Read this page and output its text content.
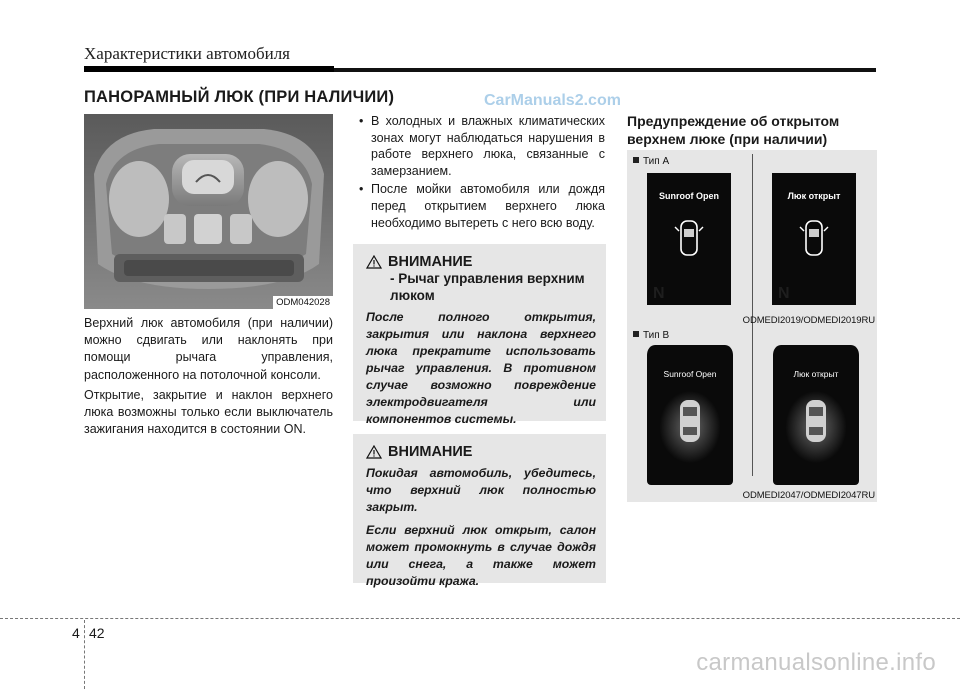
Характеристики автомобиля
ПАНОРАМНЫЙ ЛЮК (ПРИ НАЛИЧИИ)	CarManuals2.com
ODM042028

Верхний люк автомобиля (при наличии) можно сдвигать или наклонять при помощи рычага управления, расположенного на потолочной консоли.

Открытие, закрытие и наклон верхнего люка возможны только если выключатель зажигания находится в состоянии ON.

• В холодных и влажных климатических зонах могут наблюдаться нарушения в работе верхнего люка, связанные с замерзанием.
• После мойки автомобиля или дождя перед открытием верхнего люка необходимо вытереть с него всю воду.
ВНИМАНИЕ
- Рычаг управления верхним люком
После полного открытия, закрытия или наклона верхнего люка прекратите использовать рычаг управления. В противном случае возможно повреждение электродвигателя или компонентов системы.
ВНИМАНИЕ
Покидая автомобиль, убедитесь, что верхний люк полностью закрыт.
Если верхний люк открыт, салон может промокнуть в случае дождя или снега, а также может произойти кража.
Предупреждение об открытом верхнем люке (при наличии)
Тип A
ODMEDI2019/ODMEDI2019RU
Тип B
ODMEDI2047/ODMEDI2047RU
Sunroof Open
N
Люк открыт
N
Sunroof Open	Люк открыт
4 42
carmanualsonline.info
